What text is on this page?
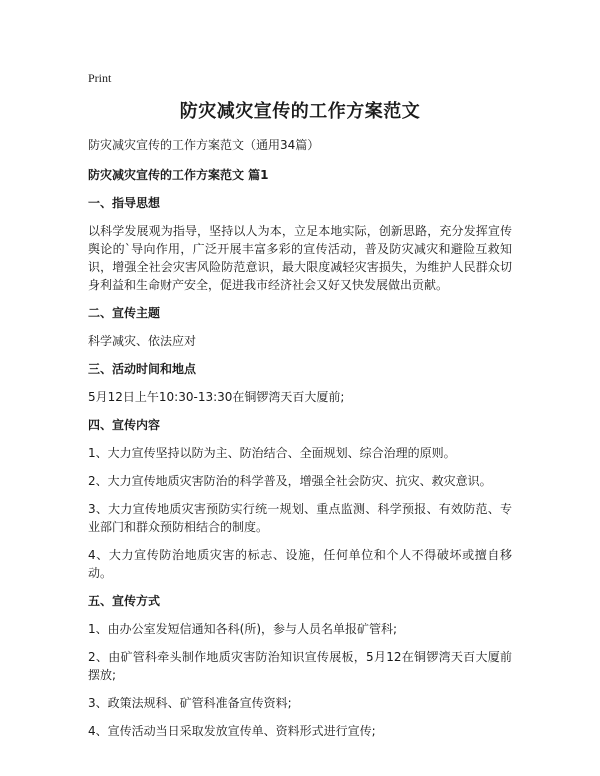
Print
防灾减灾宣传的工作方案范文

防灾减灾宣传的工作方案范文（通用34篇）

防灾减灾宣传的工作方案范文 篇1

一、指导思想

以科学发展观为指导，坚持以人为本，立足本地实际，创新思路，充分发挥宣传舆论的`导向作用，广泛开展丰富多彩的宣传活动，普及防灾减灾和避险互救知识，增强全社会灾害风险防范意识，最大限度减轻灾害损失，为维护人民群众切身利益和生命财产安全，促进我市经济社会又好又快发展做出贡献。

二、宣传主题

科学减灾、依法应对

三、活动时间和地点

5月12日上午10:30-13:30在铜锣湾天百大厦前;

四、宣传内容

1、大力宣传坚持以防为主、防治结合、全面规划、综合治理的原则。

2、大力宣传地质灾害防治的科学普及，增强全社会防灾、抗灾、救灾意识。

3、大力宣传地质灾害预防实行统一规划、重点监测、科学预报、有效防范、专业部门和群众预防相结合的制度。

4、大力宣传防治地质灾害的标志、设施，任何单位和个人不得破坏或擅自移动。

五、宣传方式

1、由办公室发短信通知各科(所)，参与人员名单报矿管科;

2、由矿管科牵头制作地质灾害防治知识宣传展板，5月12在铜锣湾天百大厦前摆放;

3、政策法规科、矿管科准备宣传资料;

4、宣传活动当日采取发放宣传单、资料形式进行宣传;
